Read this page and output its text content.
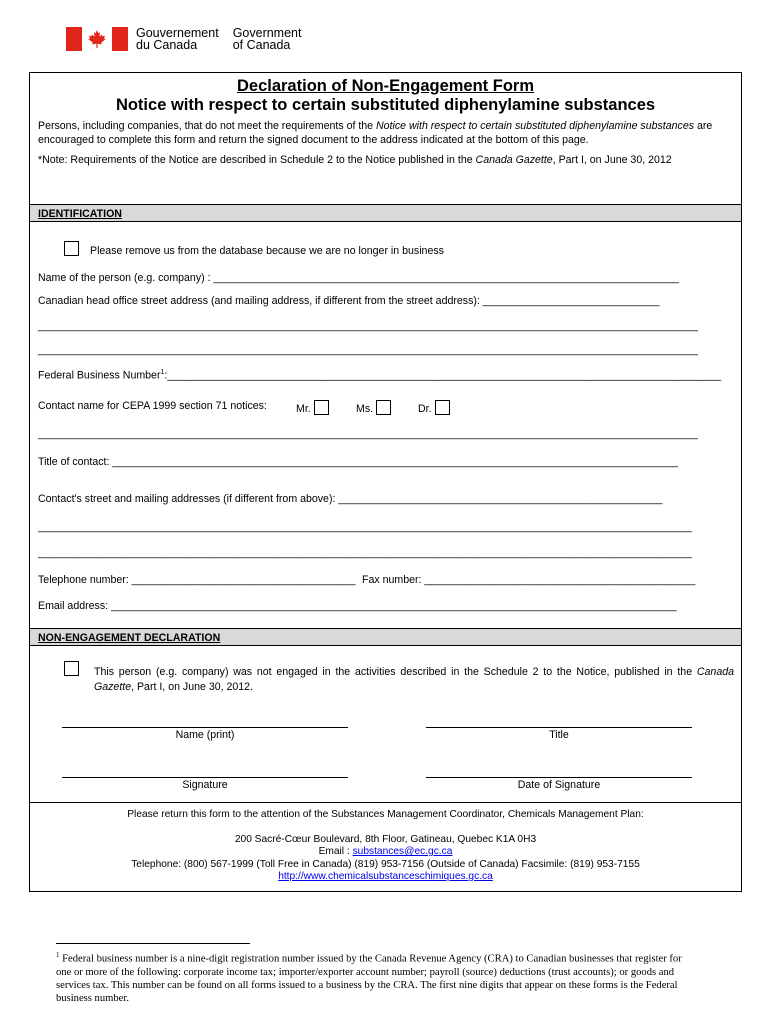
Gouvernement
du Canada
Government
of Canada
Declaration of Non-Engagement Form
Notice with respect to certain substituted diphenylamine substances
Persons, including companies, that do not meet the requirements of the Notice with respect to certain substituted diphenylamine substances are encouraged to complete this form and return the signed document to the address indicated at the bottom of this page.
*Note: Requirements of the Notice are described in Schedule 2 to the Notice published in the Canada Gazette, Part I, on June 30, 2012
IDENTIFICATION
Please remove us from the database because we are no longer in business
Name of the person (e.g. company) : _______________________________________________________________________________
Canadian head office street address (and mailing address, if different from the street address): ______________________________
________________________________________________________________________________________________________________
________________________________________________________________________________________________________________
Federal Business Number$^1$:______________________________________________________________________________________________
Contact name for CEPA 1999 section 71 notices:	Mr.	Ms.	Dr.
________________________________________________________________________________________________________________
Title of contact: ________________________________________________________________________________________________
Contact's street and mailing addresses (if different from above): _______________________________________________________
_______________________________________________________________________________________________________________
_______________________________________________________________________________________________________________
Telephone number: ______________________________________ Fax number: ______________________________________________
Email address: ________________________________________________________________________________________________
NON-ENGAGEMENT DECLARATION
This person (e.g. company) was not engaged in the activities described in the Schedule 2 to the Notice, published in the Canada Gazette, Part I, on June 30, 2012.
Name (print)	Title
Signature	Date of Signature
Please return this form to the attention of the Substances Management Coordinator, Chemicals Management Plan:
200 Sacré-Cœur Boulevard, 8th Floor, Gatineau, Quebec K1A 0H3
Email : substances@ec.gc.ca
Telephone: (800) 567-1999 (Toll Free in Canada) (819) 953-7156 (Outside of Canada) Facsimile: (819) 953-7155
http://www.chemicalsubstanceschimiques.gc.ca
$^1$ Federal business number is a nine-digit registration number issued by the Canada Revenue Agency (CRA) to Canadian businesses that register for one or more of the following: corporate income tax; importer/exporter account number; payroll (source) deductions (trust accounts); or goods and services tax. This number can be found on all forms issued to a business by the CRA. The first nine digits that appear on these forms is the Federal business number.
